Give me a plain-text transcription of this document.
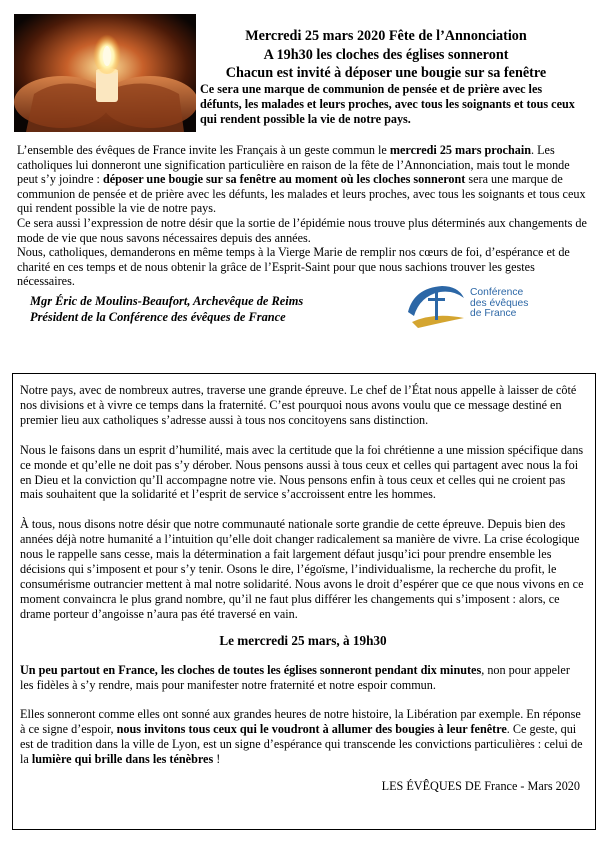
Mercredi 25 mars 2020 Fête de l’Annonciation
A 19h30 les cloches des églises sonneront
Chacun est invité à déposer une bougie sur sa fenêtre
Ce sera une marque de communion de pensée et de prière avec les défunts, les malades et leurs proches, avec tous les soignants et tous ceux qui rendent possible la vie de notre pays.

L’ensemble des évêques de France invite les Français à un geste commun le mercredi 25 mars prochain. Les catholiques lui donneront une signification particulière en raison de la fête de l’Annonciation, mais tout le monde peut s’y joindre : déposer une bougie sur sa fenêtre au moment où les cloches sonneront sera une marque de communion de pensée et de prière avec les défunts, les malades et leurs proches, avec tous les soignants et tous ceux qui rendent possible la vie de notre pays.

Ce sera aussi l’expression de notre désir que la sortie de l’épidémie nous trouve plus déterminés aux changements de mode de vie que nous savons nécessaires depuis des années.

Nous, catholiques, demanderons en même temps à la Vierge Marie de remplir nos cœurs de foi, d’espérance et de charité en ces temps et de nous obtenir la grâce de l’Esprit-Saint pour que nous sachions trouver les gestes nécessaires.

Mgr Éric de Moulins-Beaufort, Archevêque de Reims
Président de la Conférence des évêques de France
Conférence
des évêques
de France

Notre pays, avec de nombreux autres, traverse une grande épreuve. Le chef de l’État nous appelle à laisser de côté nos divisions et à vivre ce temps dans la fraternité. C’est pourquoi nous avons voulu que ce message destiné en premier lieu aux catholiques s’adresse aussi à tous nos concitoyens sans distinction.

Nous le faisons dans un esprit d’humilité, mais avec la certitude que la foi chrétienne a une mission spécifique dans ce monde et qu’elle ne doit pas s’y dérober. Nous pensons aussi à tous ceux et celles qui partagent avec nous la foi en Dieu et la conviction qu’Il accompagne notre vie. Nous pensons enfin à tous ceux et celles qui ne croient pas mais souhaitent que la solidarité et l’esprit de service s’accroissent entre les hommes.

À tous, nous disons notre désir que notre communauté nationale sorte grandie de cette épreuve. Depuis bien des années déjà notre humanité a l’intuition qu’elle doit changer radicalement sa manière de vivre. La crise écologique nous le rappelle sans cesse, mais la détermination a fait largement défaut jusqu’ici pour prendre ensemble les décisions qui s’imposent et pour s’y tenir. Osons le dire, l’égoïsme, l’individualisme, la recherche du profit, le consumérisme outrancier mettent à mal notre solidarité. Nous avons le droit d’espérer que ce que nous vivons en ce moment convaincra le plus grand nombre, qu’il ne faut plus différer les changements qui s’imposent : alors, ce drame porteur d’angoisse n’aura pas été traversé en vain.

Le mercredi 25 mars, à 19h30

Un peu partout en France, les cloches de toutes les églises sonneront pendant dix minutes, non pour appeler les fidèles à s’y rendre, mais pour manifester notre fraternité et notre espoir commun.

Elles sonneront comme elles ont sonné aux grandes heures de notre histoire, la Libération par exemple. En réponse à ce signe d’espoir, nous invitons tous ceux qui le voudront à allumer des bougies à leur fenêtre. Ce geste, qui est de tradition dans la ville de Lyon, est un signe d’espérance qui transcende les convictions particulières : celui de la lumière qui brille dans les ténèbres !

LES ÉVÊQUES DE France - Mars 2020
